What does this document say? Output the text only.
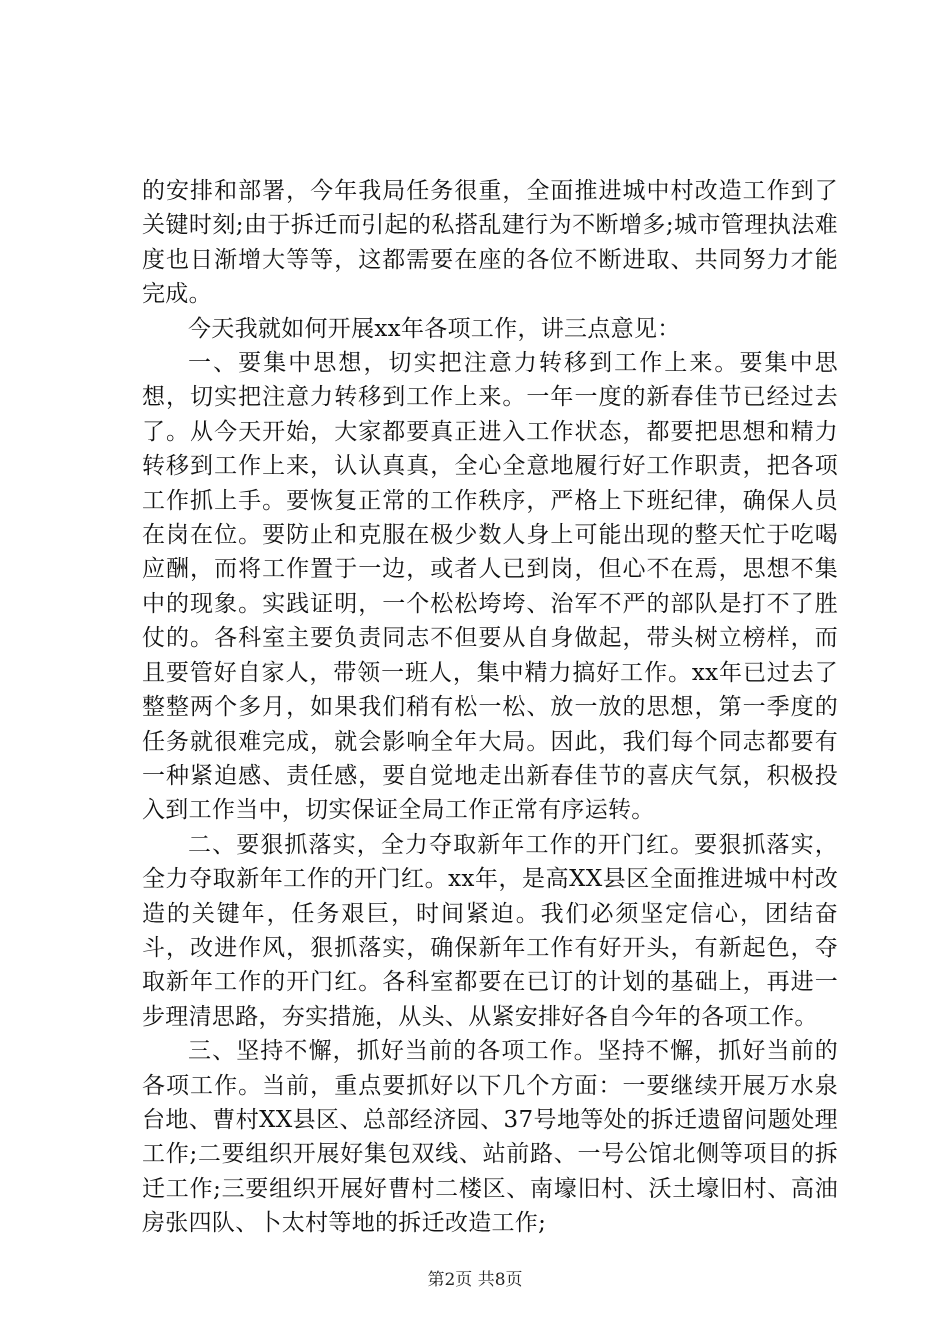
的安排和部署，今年我局任务很重，全面推进城中村改造工作到了关键时刻;由于拆迁而引起的私搭乱建行为不断增多;城市管理执法难度也日渐增大等等，这都需要在座的各位不断进取、共同努力才能完成。

今天我就如何开展xx年各项工作，讲三点意见：

一、要集中思想，切实把注意力转移到工作上来。要集中思想，切实把注意力转移到工作上来。一年一度的新春佳节已经过去了。从今天开始，大家都要真正进入工作状态，都要把思想和精力转移到工作上来，认认真真，全心全意地履行好工作职责，把各项工作抓上手。要恢复正常的工作秩序，严格上下班纪律，确保人员在岗在位。要防止和克服在极少数人身上可能出现的整天忙于吃喝应酬，而将工作置于一边，或者人已到岗，但心不在焉，思想不集中的现象。实践证明，一个松松垮垮、治军不严的部队是打不了胜仗的。各科室主要负责同志不但要从自身做起，带头树立榜样，而且要管好自家人，带领一班人，集中精力搞好工作。xx年已过去了整整两个多月，如果我们稍有松一松、放一放的思想，第一季度的任务就很难完成，就会影响全年大局。因此，我们每个同志都要有一种紧迫感、责任感，要自觉地走出新春佳节的喜庆气氛，积极投入到工作当中，切实保证全局工作正常有序运转。

二、要狠抓落实，全力夺取新年工作的开门红。要狠抓落实，全力夺取新年工作的开门红。xx年，是高XX县区全面推进城中村改造的关键年，任务艰巨，时间紧迫。我们必须坚定信心，团结奋斗，改进作风，狠抓落实，确保新年工作有好开头，有新起色，夺取新年工作的开门红。各科室都要在已订的计划的基础上，再进一步理清思路，夯实措施，从头、从紧安排好各自今年的各项工作。

三、坚持不懈，抓好当前的各项工作。坚持不懈，抓好当前的各项工作。当前，重点要抓好以下几个方面：一要继续开展万水泉台地、曹村XX县区、总部经济园、37号地等处的拆迁遗留问题处理工作;二要组织开展好集包双线、站前路、一号公馆北侧等项目的拆迁工作;三要组织开展好曹村二楼区、南壕旧村、沃土壕旧村、高油房张四队、卜太村等地的拆迁改造工作;

第2页 共8页
